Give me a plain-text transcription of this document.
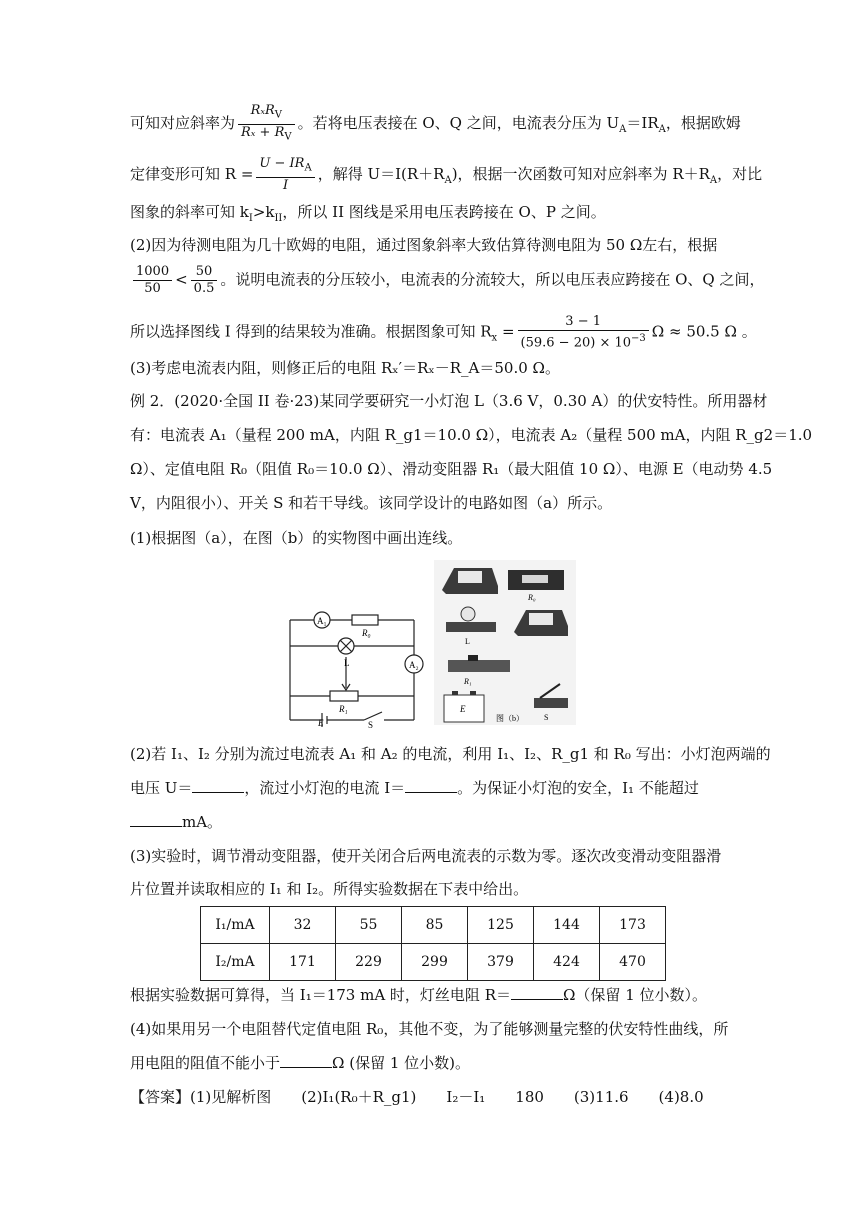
可知对应斜率为 $\frac{R_xR_V}{R_x + R_V}$ 。若将电压表接在 O、Q 之间，电流表分压为 $U_A=IR_A$，根据欧姆
定律变形可知 $R = \frac{U - IR_A}{I}$ ，解得 $U=I(R+R_A)$，根据一次函数可知对应斜率为 $R+R_A$，对比
图象的斜率可知 $k_I>k_{II}$，所以 II 图线是采用电压表跨接在 O、P 之间。
(2)因为待测电阻为几十欧姆的电阻，通过图象斜率大致估算待测电阻为 50 Ω左右，根据
$\frac{1000}{50} < \frac{50}{0.5}$ 。说明电流表的分压较小，电流表的分流较大，所以电压表应跨接在 O、Q 之间，
所以选择图线 I 得到的结果较为准确。根据图象可知 $R_x = \frac{3 - 1}{(59.6 - 20) \times 10^{-3}}$ Ω ≈ 50.5 Ω 。
(3)考虑电流表内阻，则修正后的电阻 Rₓ′＝Rₓ－R_A＝50.0 Ω。
例 2．(2020·全国 II 卷·23)某同学要研究一小灯泡 L（3.6 V，0.30 A）的伏安特性。所用器材
有：电流表 A₁（量程 200 mA，内阻 R_g1＝10.0 Ω），电流表 A₂（量程 500 mA，内阻 R_g2＝1.0
Ω）、定值电阻 R₀（阻值 R₀＝10.0 Ω）、滑动变阻器 R₁（最大阻值 10 Ω）、电源 E（电动势 4.5
V，内阻很小）、开关 S 和若干导线。该同学设计的电路如图（a）所示。
(1)根据图（a），在图（b）的实物图中画出连线。
A₁
A₂
R₀
L
R₁
E	S
R₀
L
R₁
E
图（b）	S
(2)若 I₁、I₂ 分别为流过电流表 A₁ 和 A₂ 的电流，利用 I₁、I₂、R_g1 和 R₀ 写出：小灯泡两端的
电压 U＝	，流过小灯泡的电流 I＝	。为保证小灯泡的安全，I₁ 不能超过
mA。
(3)实验时，调节滑动变阻器，使开关闭合后两电流表的示数为零。逐次改变滑动变阻器滑
片位置并读取相应的 I₁ 和 I₂。所得实验数据在下表中给出。
I₁/mA	32	55	85	125	144	173
I₂/mA	171	229	299	379	424	470
根据实验数据可算得，当 I₁＝173 mA 时，灯丝电阻 R＝	Ω（保留 1 位小数）。
(4)如果用另一个电阻替代定值电阻 R₀，其他不变，为了能够测量完整的伏安特性曲线，所
用电阻的阻值不能小于	Ω (保留 1 位小数)。
【答案】(1)见解析图　　(2)I₁(R₀＋R_g1)　　I₂－I₁　　180　　(3)11.6　　(4)8.0
